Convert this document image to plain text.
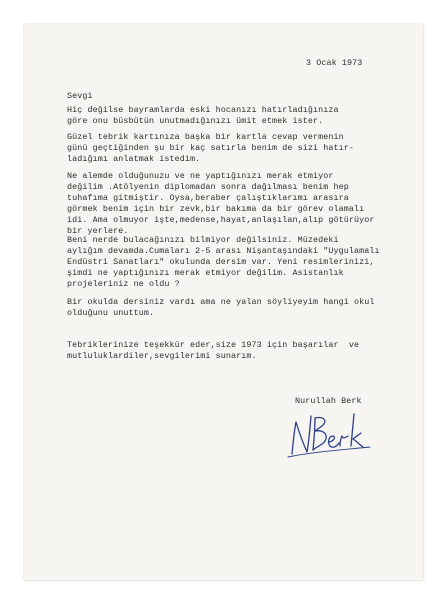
3 Ocak 1973
Sevgi
Hiç değilse bayramlarda eski hocanızı hatırladığınıza
göre onu büsbütün unutmadığınızı ümit etmek ister.
Güzel tebrik kartınıza başka bir kartla cevap vermenin
günü geçtiğinden şu bir kaç satırla benim de sizi hatır-
ladığımı anlatmak istedim.
Ne alemde olduğunuzu ve ne yaptığınızı merak etmiyor
değilim .Atölyenin diplomadan sonra dağılması benim hep
tuhafıma gitmiştir. Oysa,beraber çalıştıklarımı arasıra
görmek benim için bir zevk,bir bakıma da bir görev olamalı
idi. Ama olmuyor işte,medense,hayat,anlaşılan,alıp götürüyor
bir yerlere.
Beni nerde bulacağınızı bilmiyor değilsiniz. Müzedeki
aylığım devamda.Cumaları 2-5 arası Nişantaşındaki "Uygulamalı
Endüstri Sanatları" okulunda dersim var. Yeni resimlerinizi,
şimdi ne yaptığınızı merak etmiyor değilim. Asistanlık
projeleriniz ne oldu ?
Bir okulda dersiniz vardı ama ne yalan söyliyeyim hangi okul
olduğunu unuttum.
Tebriklerinize teşekkür eder,size 1973 için başarılar  ve
mutluluklardiler,sevgilerimi sunarım.
Nurullah Berk
